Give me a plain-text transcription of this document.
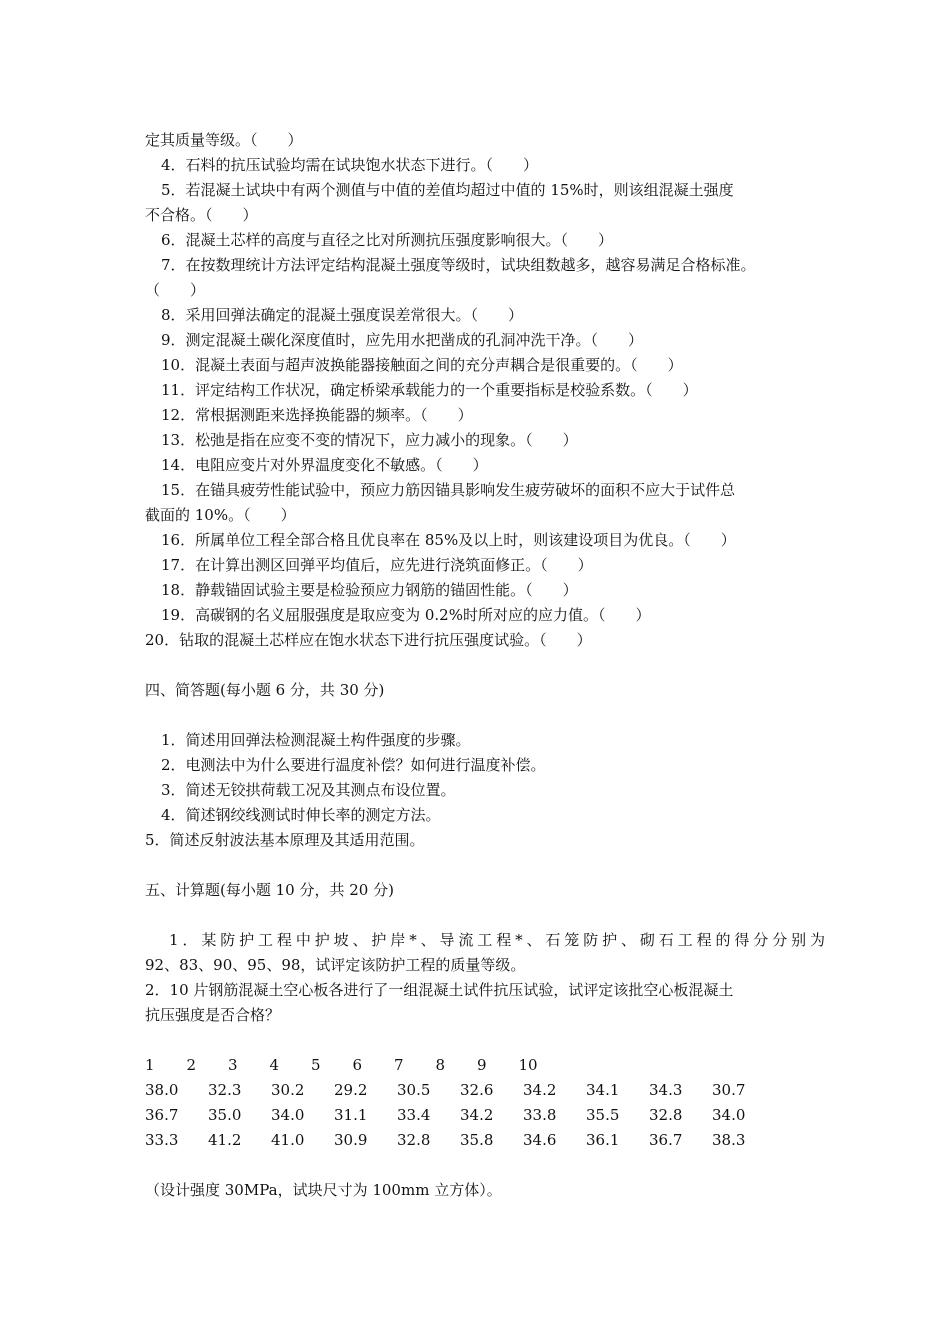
定其质量等级。（　　）
4．石料的抗压试验均需在试块饱水状态下进行。（　　）
5．若混凝土试块中有两个测值与中值的差值均超过中值的 15%时，则该组混凝土强度
不合格。（　　）
6．混凝土芯样的高度与直径之比对所测抗压强度影响很大。（　　）
7．在按数理统计方法评定结构混凝土强度等级时，试块组数越多，越容易满足合格标准。
（　　）
8．采用回弹法确定的混凝土强度误差常很大。（　　）
9．测定混凝土碳化深度值时，应先用水把凿成的孔洞冲洗干净。（　　）
10．混凝土表面与超声波换能器接触面之间的充分声耦合是很重要的。（　　）
11．评定结构工作状况，确定桥梁承载能力的一个重要指标是校验系数。（　　）
12．常根据测距来选择换能器的频率。（　　）
13．松弛是指在应变不变的情况下，应力减小的现象。（　　）
14．电阻应变片对外界温度变化不敏感。（　　）
15．在锚具疲劳性能试验中，预应力筋因锚具影响发生疲劳破坏的面积不应大于试件总
截面的 10%。（　　）
16．所属单位工程全部合格且优良率在 85%及以上时，则该建设项目为优良。（　　）
17．在计算出测区回弹平均值后，应先进行浇筑面修正。（　　）
18．静载锚固试验主要是检验预应力钢筋的锚固性能。（　　）
19．高碳钢的名义屈服强度是取应变为 0.2%时所对应的应力值。（　　）
20．钻取的混凝土芯样应在饱水状态下进行抗压强度试验。（　　）
四、简答题(每小题 6 分，共 30 分)
1．简述用回弹法检测混凝土构件强度的步骤。
2．电测法中为什么要进行温度补偿？如何进行温度补偿。
3．简述无铰拱荷载工况及其测点布设位置。
4．简述钢绞线测试时伸长率的测定方法。
5．简述反射波法基本原理及其适用范围。
五、计算题(每小题 10 分，共 20 分)
1．某防护工程中护坡、护岸*、导流工程*、石笼防护、砌石工程的得分分别为
92、83、90、95、98，试评定该防护工程的质量等级。
2．10 片钢筋混凝土空心板各进行了一组混凝土试件抗压试验，试评定该批空心板混凝土
抗压强度是否合格？
1	2	3	4	5	6	7	8	9	10
38.0	32.3	30.2	29.2	30.5	32.6	34.2	34.1	34.3	30.7
36.7	35.0	34.0	31.1	33.4	34.2	33.8	35.5	32.8	34.0
33.3	41.2	41.0	30.9	32.8	35.8	34.6	36.1	36.7	38.3
（设计强度 30MPa，试块尺寸为 100mm 立方体）。
